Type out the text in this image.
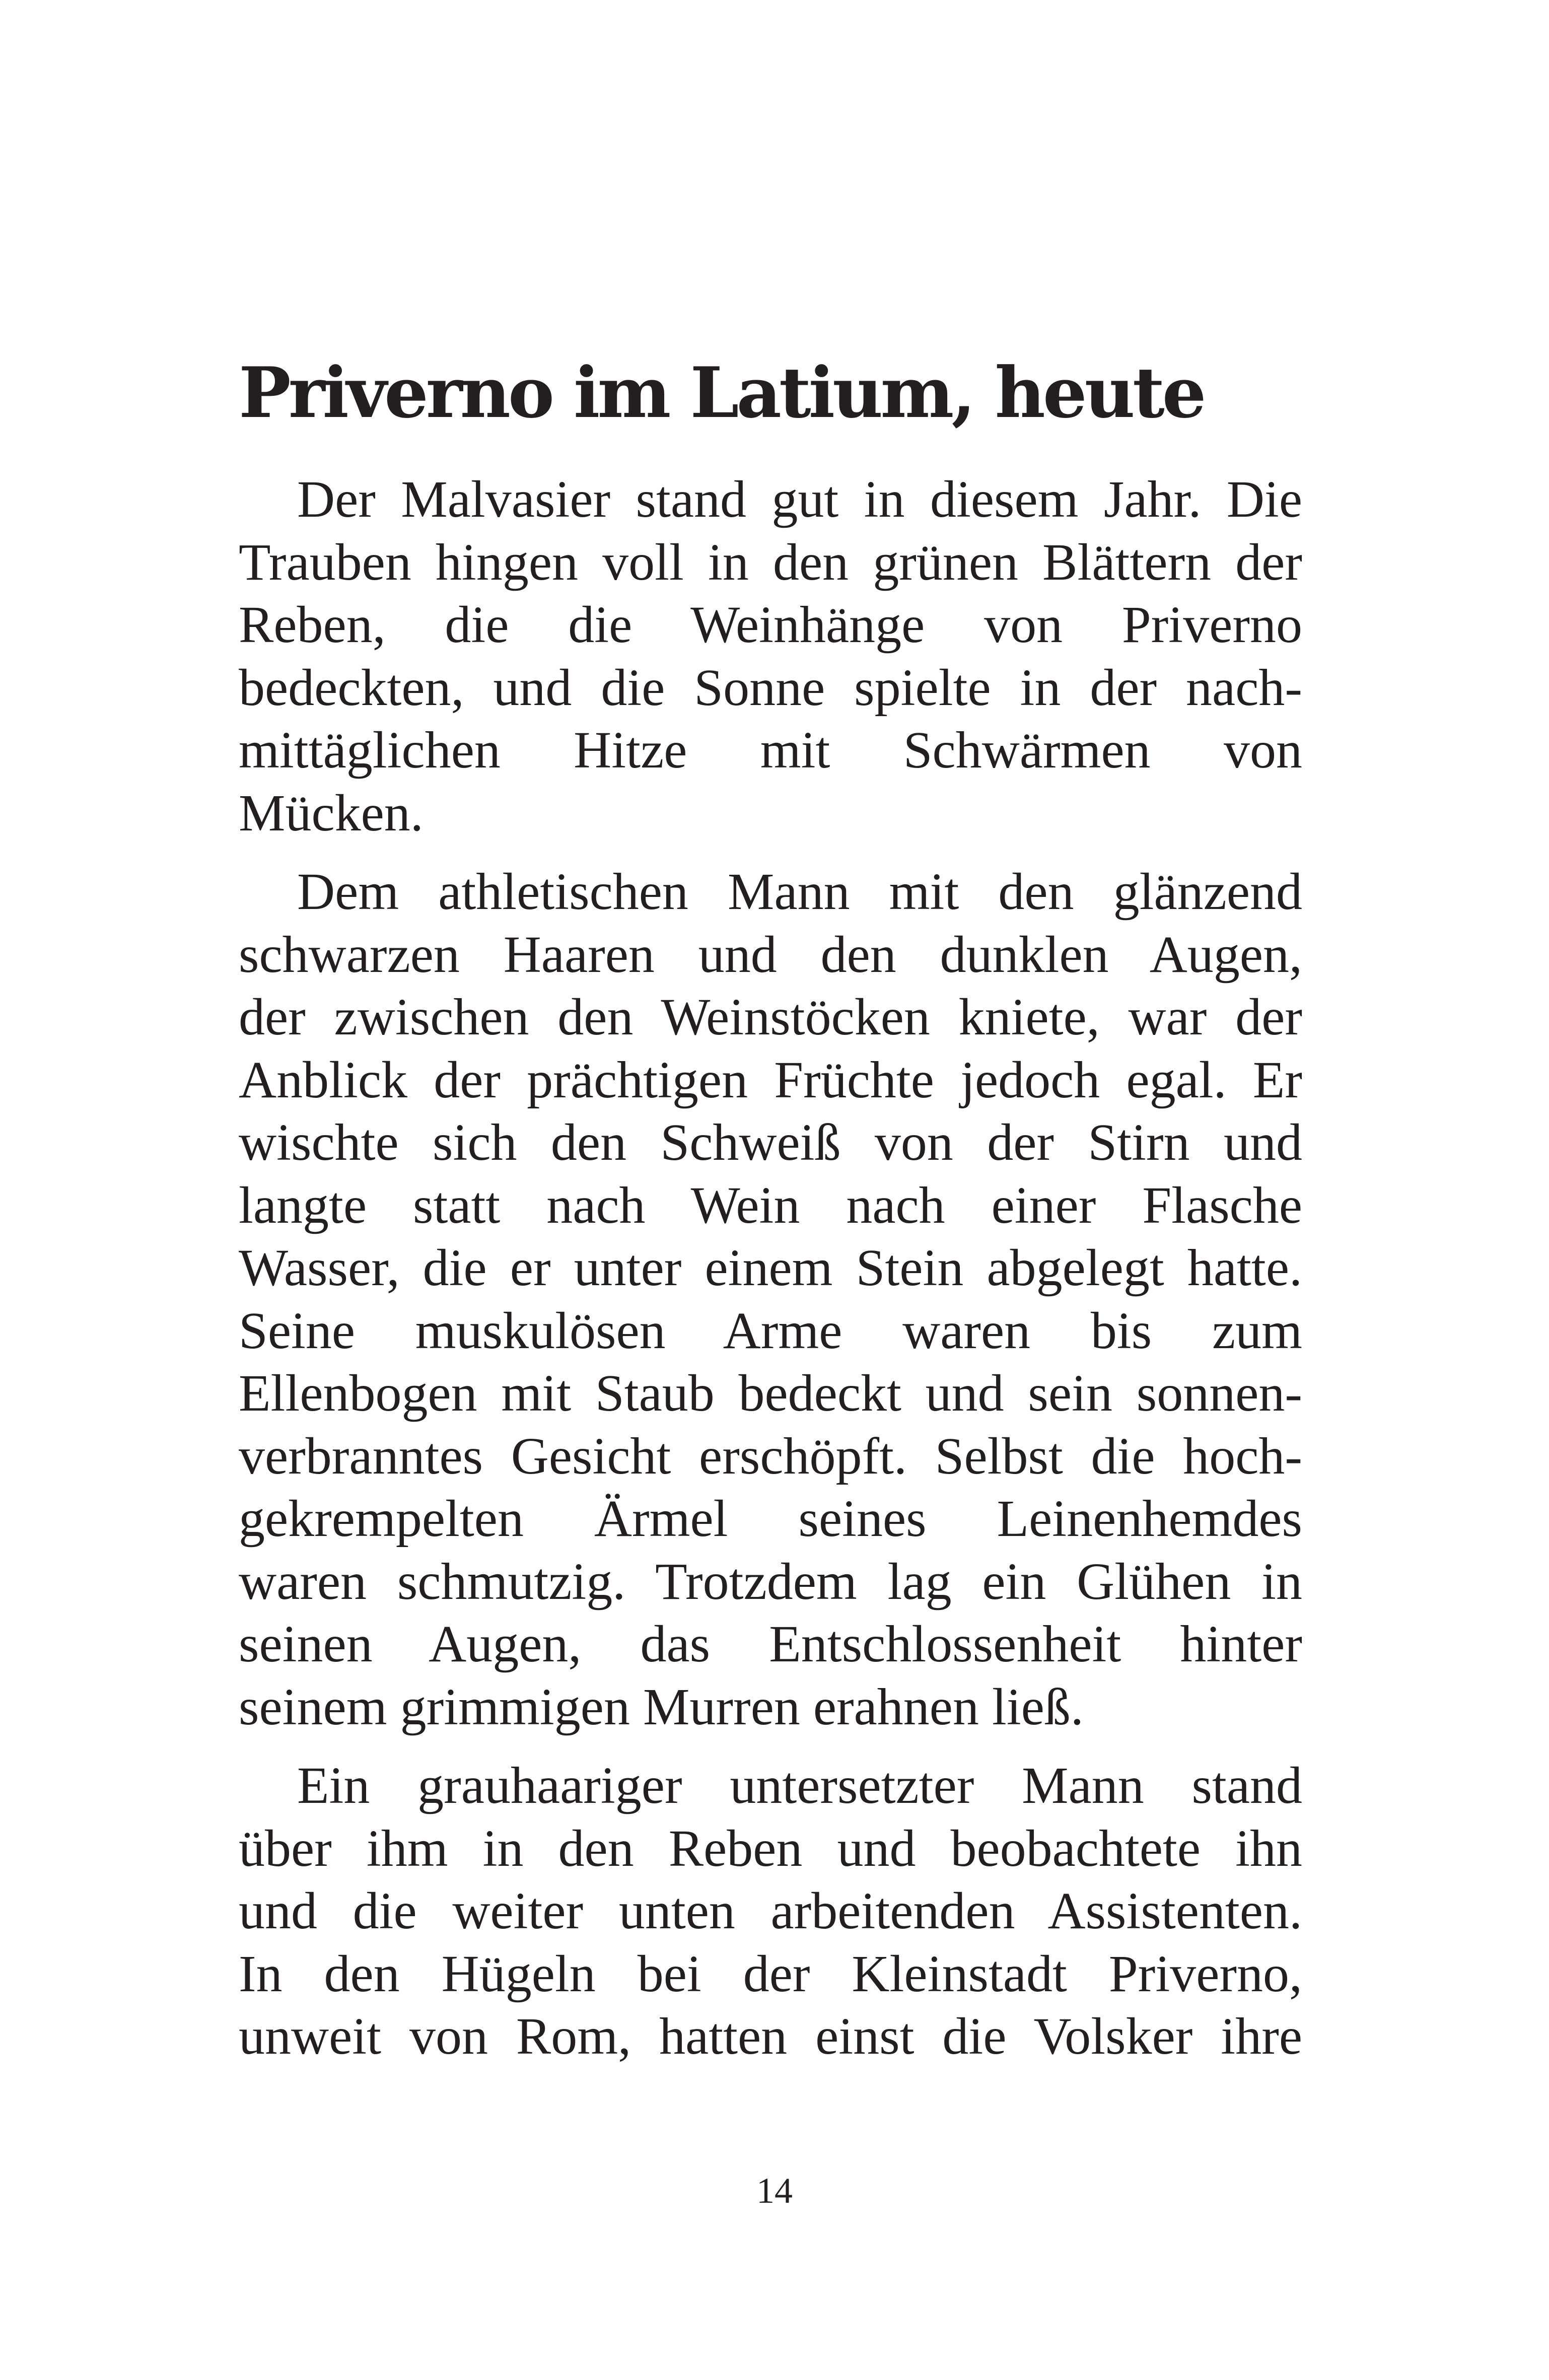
Priverno im Latium, heute

Der Malvasier stand gut in diesem Jahr. Die
Trauben hingen voll in den grünen Blättern der
Reben, die die Weinhänge von Priverno
bedeckten, und die Sonne spielte in der nach-
mittäglichen Hitze mit Schwärmen von
Mücken.

Dem athletischen Mann mit den glänzend
schwarzen Haaren und den dunklen Augen,
der zwischen den Weinstöcken kniete, war der
Anblick der prächtigen Früchte jedoch egal. Er
wischte sich den Schweiß von der Stirn und
langte statt nach Wein nach einer Flasche
Wasser, die er unter einem Stein abgelegt hatte.
Seine muskulösen Arme waren bis zum
Ellenbogen mit Staub bedeckt und sein sonnen-
verbranntes Gesicht erschöpft. Selbst die hoch-
gekrempelten Ärmel seines Leinenhemdes
waren schmutzig. Trotzdem lag ein Glühen in
seinen Augen, das Entschlossenheit hinter
seinem grimmigen Murren erahnen ließ.

Ein grauhaariger untersetzter Mann stand
über ihm in den Reben und beobachtete ihn
und die weiter unten arbeitenden Assistenten.
In den Hügeln bei der Kleinstadt Priverno,
unweit von Rom, hatten einst die Volsker ihre

14
